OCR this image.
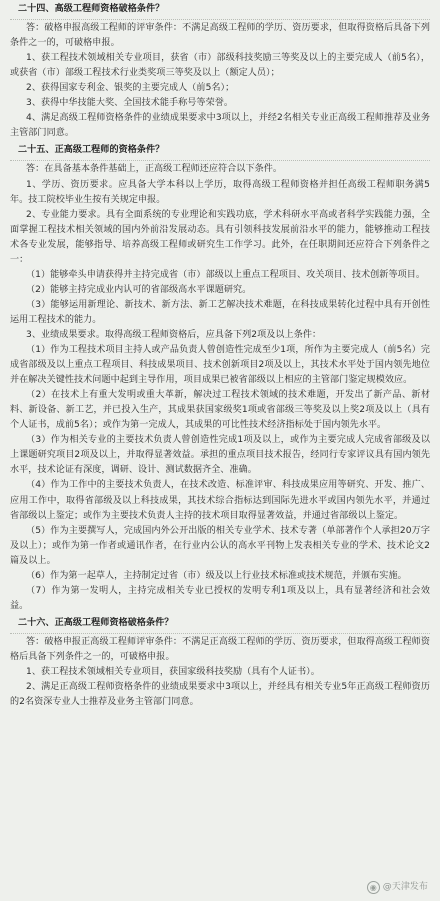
二十四、高级工程师资格破格条件？
答：破格申报高级工程师的评审条件：不满足高级工程师的学历、资历要求，但取得资格后具备下列条件之一的，可破格申报。
1、获工程技术领域相关专业项目，获省（市）部级科技奖励三等奖及以上的主要完成人（前5名），或获省（市）部级工程技术行业类奖项三等奖及以上（额定人员）；
2、获得国家专利金、银奖的主要完成人（前5名）；
3、获得中华技能大奖、全国技术能手称号等荣誉。
4、满足高级工程师资格条件的业绩成果要求中3项以上，并经2名相关专业正高级工程师推荐及业务主管部门同意。
二十五、正高级工程师的资格条件？
答：在具备基本条件基础上，正高级工程师还应符合以下条件。
1、学历、资历要求。应具备大学本科以上学历，取得高级工程师资格并担任高级工程师职务满5年。技工院校毕业生按有关规定申报。
2、专业能力要求。具有全面系统的专业理论和实践功底，学术科研水平高或者科学实践能力强，全面掌握工程技术相关领域的国内外前沿发展动态。具有引领科技发展前沿水平的能力，能够推动工程技术各专业发展，能够指导、培养高级工程师或研究生工作学习。此外，在任职期间还应符合下列条件之一：
（1）能够牵头申请获得并主持完成省（市）部级以上重点工程项目、攻关项目、技术创新等项目。
（2）能够主持完成业内认可的省部级高水平课题研究。
（3）能够运用新理论、新技术、新方法、新工艺解决技术难题，在科技成果转化过程中具有开创性运用工程技术的能力。
3、业绩成果要求。取得高级工程师资格后，应具备下列2项及以上条件：
（1）作为工程技术项目主持人或产品负责人曾创造性完成至少1项，所作为主要完成人（前5名）完成省部级及以上重点工程项目、科技成果项目、技术创新项目2项及以上，其技术水平处于国内领先地位并在解决关键性技术问题中起到主导作用，项目成果已被省部级以上相应的主管部门鉴定规模效应。
（2）在技术上有重大发明或重大革新，解决过工程技术领域的技术难题，开发出了新产品、新材料、新设备、新工艺，并已投入生产，其成果获国家级奖1项或省部级三等奖及以上奖2项及以上（具有个人证书，成前5名）；或作为第一完成人，其成果的可比性技术经济指标处于国内领先水平。
（3）作为相关专业的主要技术负责人曾创造性完成1项及以上，或作为主要完成人完成省部级及以上课题研究项目2项及以上，并取得显著效益。承担的重点项目技术报告，经同行专家评议具有国内领先水平，技术论证有深度，调研、设计、测试数据齐全、准确。
（4）作为工作中的主要技术负责人，在技术改造、标准评审、科技成果应用等研究、开发、推广、应用工作中，取得省部级及以上科技成果，其技术综合指标达到国际先进水平或国内领先水平，并通过省部级以上鉴定；或作为主要技术负责人主持的技术项目取得显著效益，并通过省部级以上鉴定。
（5）作为主要撰写人，完成国内外公开出版的相关专业学术、技术专著（单部著作个人承担20万字及以上）；或作为第一作者或通讯作者，在行业内公认的高水平刊物上发表相关专业的学术、技术论文2篇及以上。
（6）作为第一起草人，主持制定过省（市）级及以上行业技术标准或技术规范，并颁布实施。
（7）作为第一发明人，主持完成相关专业已授权的发明专利1项及以上，具有显著经济和社会效益。
二十六、正高级工程师资格破格条件？
答：破格申报正高级工程师评审条件：不满足正高级工程师的学历、资历要求，但取得高级工程师资格后具备下列条件之一的，可破格申报。
1、获工程技术领域相关专业项目，获国家级科技奖励（具有个人证书）。
2、满足正高级工程师资格条件的业绩成果要求中3项以上，并经具有相关专业5年正高级工程师资历的2名资深专业人士推荐及业务主管部门同意。
◉ @天津发布
